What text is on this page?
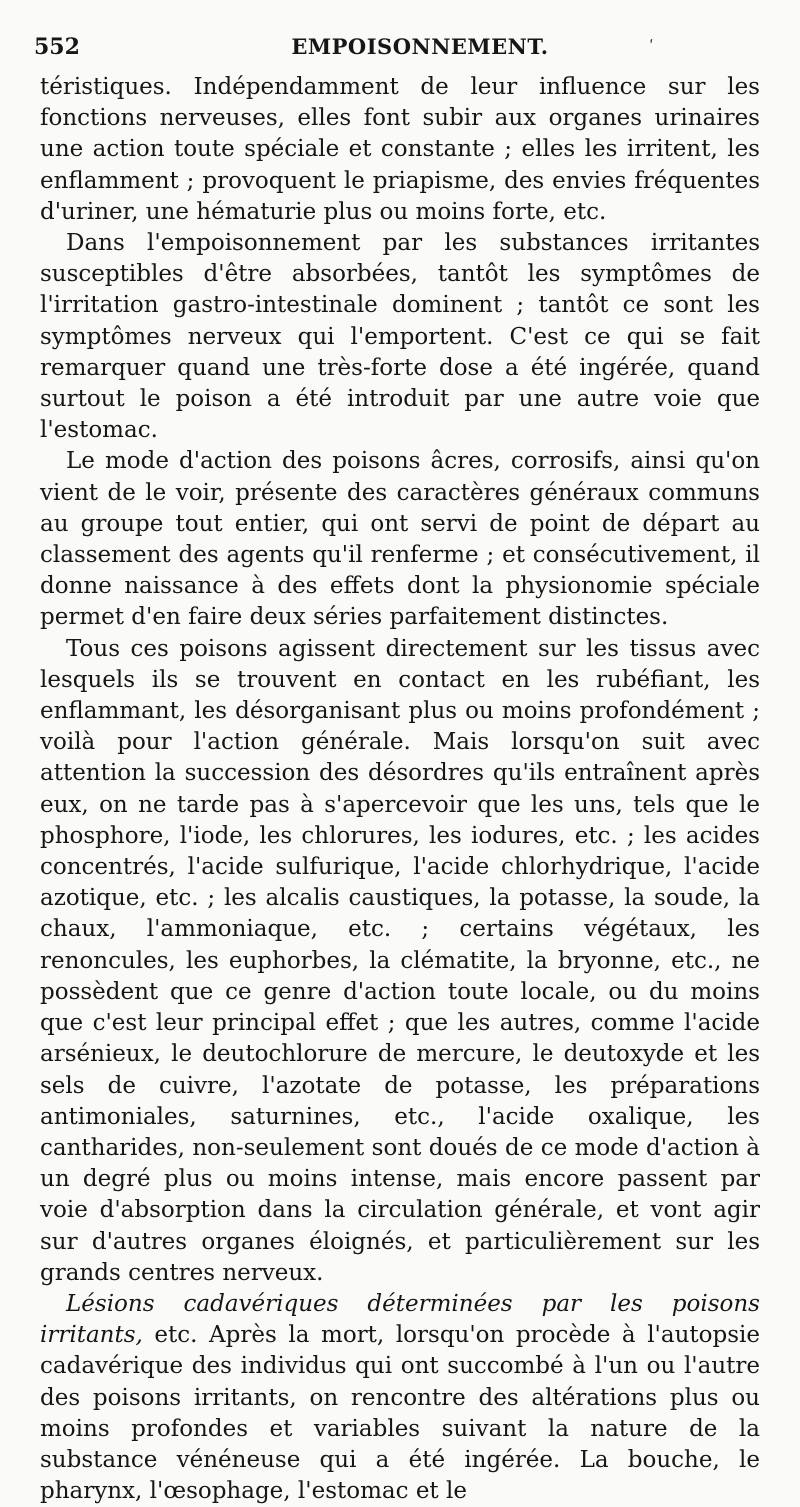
552	EMPOISONNEMENT.	′

téristiques. Indépendamment de leur influence sur les fonctions nerveuses, elles font subir aux organes urinaires une action toute spéciale et constante ; elles les irritent, les enflamment ; provoquent le priapisme, des envies fréquentes d'uriner, une hématurie plus ou moins forte, etc.

Dans l'empoisonnement par les substances irritantes susceptibles d'être absorbées, tantôt les symptômes de l'irritation gastro-intestinale dominent ; tantôt ce sont les symptômes nerveux qui l'emportent. C'est ce qui se fait remarquer quand une très-forte dose a été ingérée, quand surtout le poison a été introduit par une autre voie que l'estomac.

Le mode d'action des poisons âcres, corrosifs, ainsi qu'on vient de le voir, présente des caractères généraux communs au groupe tout entier, qui ont servi de point de départ au classement des agents qu'il renferme ; et consécutivement, il donne naissance à des effets dont la physionomie spéciale permet d'en faire deux séries parfaitement distinctes.

Tous ces poisons agissent directement sur les tissus avec lesquels ils se trouvent en contact en les rubéfiant, les enflammant, les désorganisant plus ou moins profondément ; voilà pour l'action générale. Mais lorsqu'on suit avec attention la succession des désordres qu'ils entraînent après eux, on ne tarde pas à s'apercevoir que les uns, tels que le phosphore, l'iode, les chlorures, les iodures, etc. ; les acides concentrés, l'acide sulfurique, l'acide chlorhydrique, l'acide azotique, etc. ; les alcalis caustiques, la potasse, la soude, la chaux, l'ammoniaque, etc. ; certains végétaux, les renoncules, les euphorbes, la clématite, la bryonne, etc., ne possèdent que ce genre d'action toute locale, ou du moins que c'est leur principal effet ; que les autres, comme l'acide arsénieux, le deutochlorure de mercure, le deutoxyde et les sels de cuivre, l'azotate de potasse, les préparations antimoniales, saturnines, etc., l'acide oxalique, les cantharides, non-seulement sont doués de ce mode d'action à un degré plus ou moins intense, mais encore passent par voie d'absorption dans la circulation générale, et vont agir sur d'autres organes éloignés, et particulièrement sur les grands centres nerveux.

Lésions cadavériques déterminées par les poisons irritants, etc. Après la mort, lorsqu'on procède à l'autopsie cadavérique des individus qui ont succombé à l'un ou l'autre des poisons irritants, on rencontre des altérations plus ou moins profondes et variables suivant la nature de la substance vénéneuse qui a été ingérée. La bouche, le pharynx, l'œsophage, l'estomac et le
